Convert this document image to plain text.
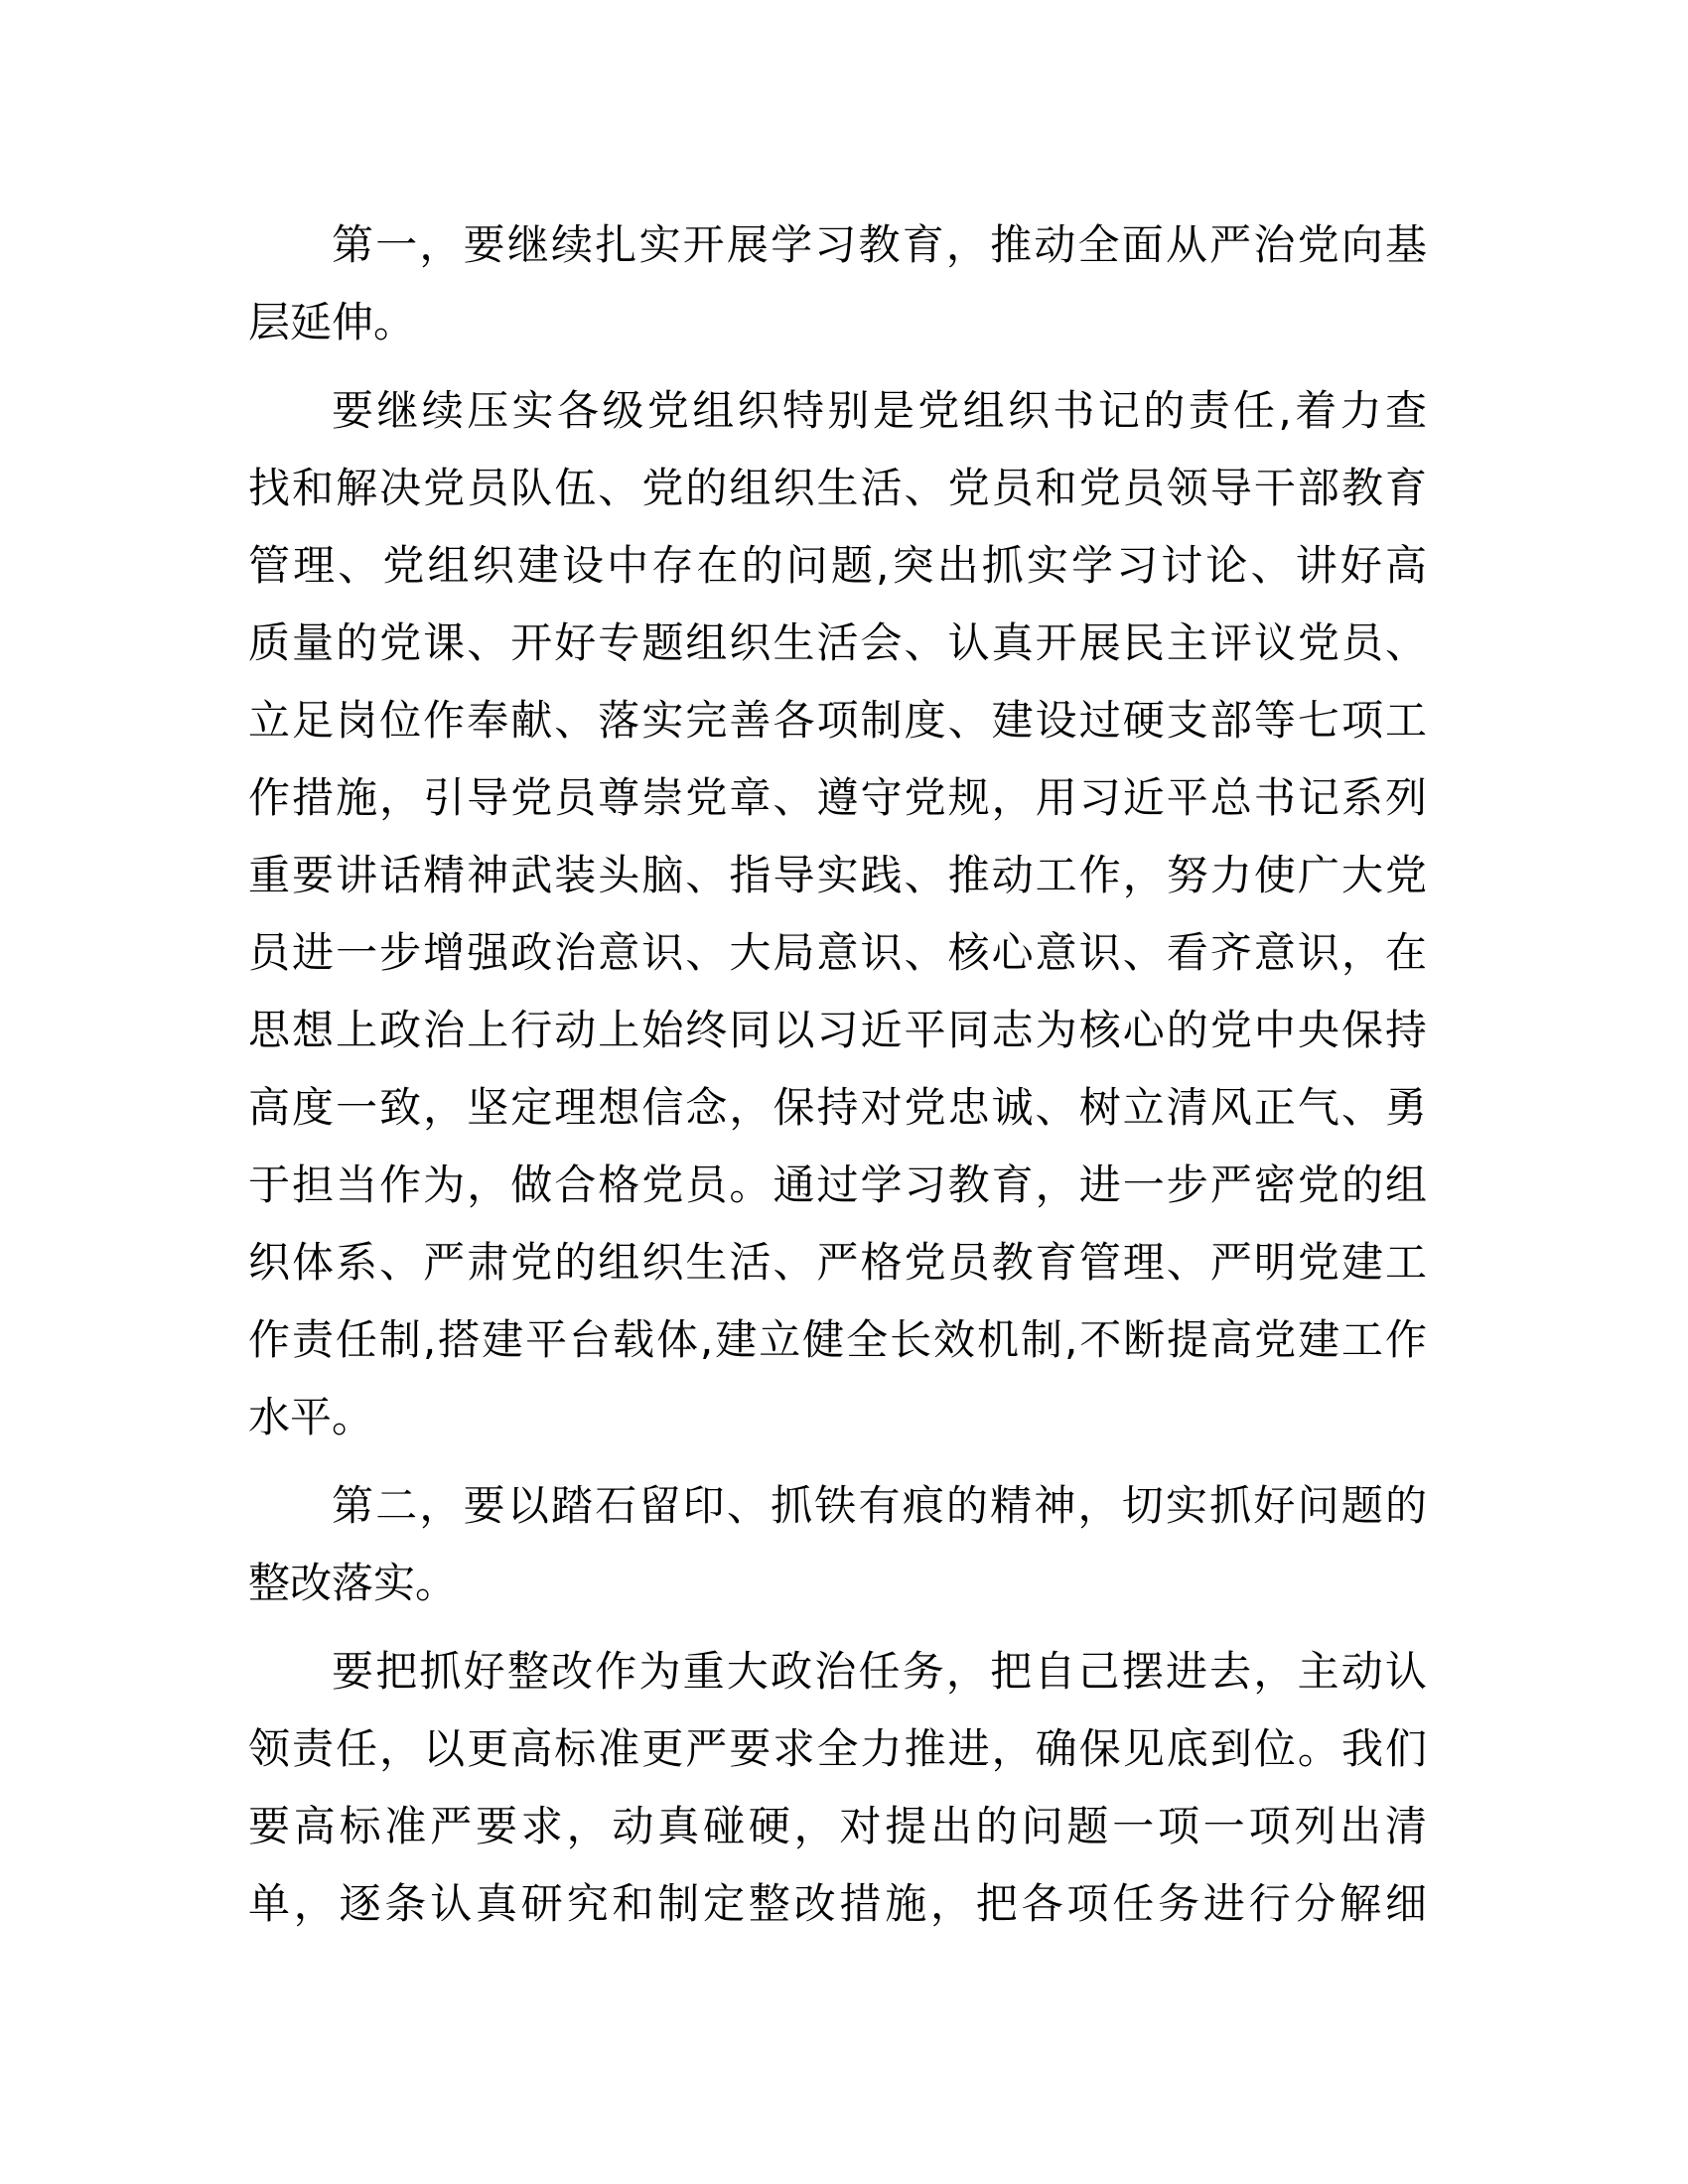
第一，要继续扎实开展学习教育，推动全面从严治党向基
层延伸。
要继续压实各级党组织特别是党组织书记的责任,着力查
找和解决党员队伍、党的组织生活、党员和党员领导干部教育
管理、党组织建设中存在的问题,突出抓实学习讨论、讲好高
质量的党课、开好专题组织生活会、认真开展民主评议党员、
立足岗位作奉献、落实完善各项制度、建设过硬支部等七项工
作措施，引导党员尊崇党章、遵守党规，用习近平总书记系列
重要讲话精神武装头脑、指导实践、推动工作，努力使广大党
员进一步增强政治意识、大局意识、核心意识、看齐意识，在
思想上政治上行动上始终同以习近平同志为核心的党中央保持
高度一致，坚定理想信念，保持对党忠诚、树立清风正气、勇
于担当作为，做合格党员。通过学习教育，进一步严密党的组
织体系、严肃党的组织生活、严格党员教育管理、严明党建工
作责任制,搭建平台载体,建立健全长效机制,不断提高党建工作
水平。
第二，要以踏石留印、抓铁有痕的精神，切实抓好问题的
整改落实。
要把抓好整改作为重大政治任务，把自己摆进去，主动认
领责任，以更高标准更严要求全力推进，确保见底到位。我们
要高标准严要求，动真碰硬，对提出的问题一项一项列出清
单，逐条认真研究和制定整改措施，把各项任务进行分解细
